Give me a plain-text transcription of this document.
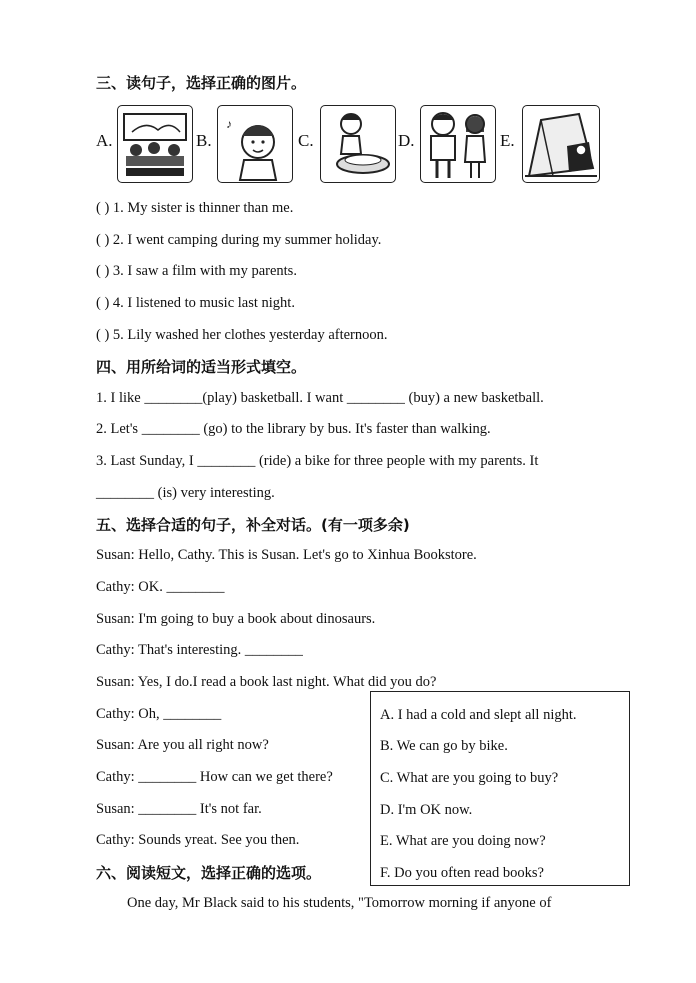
三、读句子，选择正确的图片。
A.	B.
♪
C.	D.	E.
( ) 1. My sister is thinner than me.
( ) 2. I went camping during my summer holiday.
( ) 3. I saw a film with my parents.
( ) 4. I listened to music last night.
( ) 5. Lily washed her clothes yesterday afternoon.
四、用所给词的适当形式填空。
1. I like ________(play) basketball. I want ________ (buy) a new basketball.
2. Let's ________ (go) to the library by bus. It's faster than walking.
3. Last Sunday, I ________ (ride) a bike for three people with my parents. It
________ (is) very interesting.
五、选择合适的句子，补全对话。(有一项多余)
Susan: Hello, Cathy. This is Susan. Let's go to Xinhua Bookstore.
Cathy: OK. ________
Susan: I'm going to buy a book about dinosaurs.
Cathy: That's interesting. ________
Susan: Yes, I do.I read a book last night. What did you do?
Cathy: Oh, ________
Susan: Are you all right now?
Cathy: ________ How can we get there?
Susan: ________ It's not far.
Cathy: Sounds yreat. See you then.
A. I had a cold and slept all night.
B. We can go by bike.
C. What are you going to buy?
D. I'm OK now.
E. What are you doing now?
F. Do you often read books?
六、阅读短文，选择正确的选项。
One day, Mr Black said to his students, "Tomorrow morning if anyone of
